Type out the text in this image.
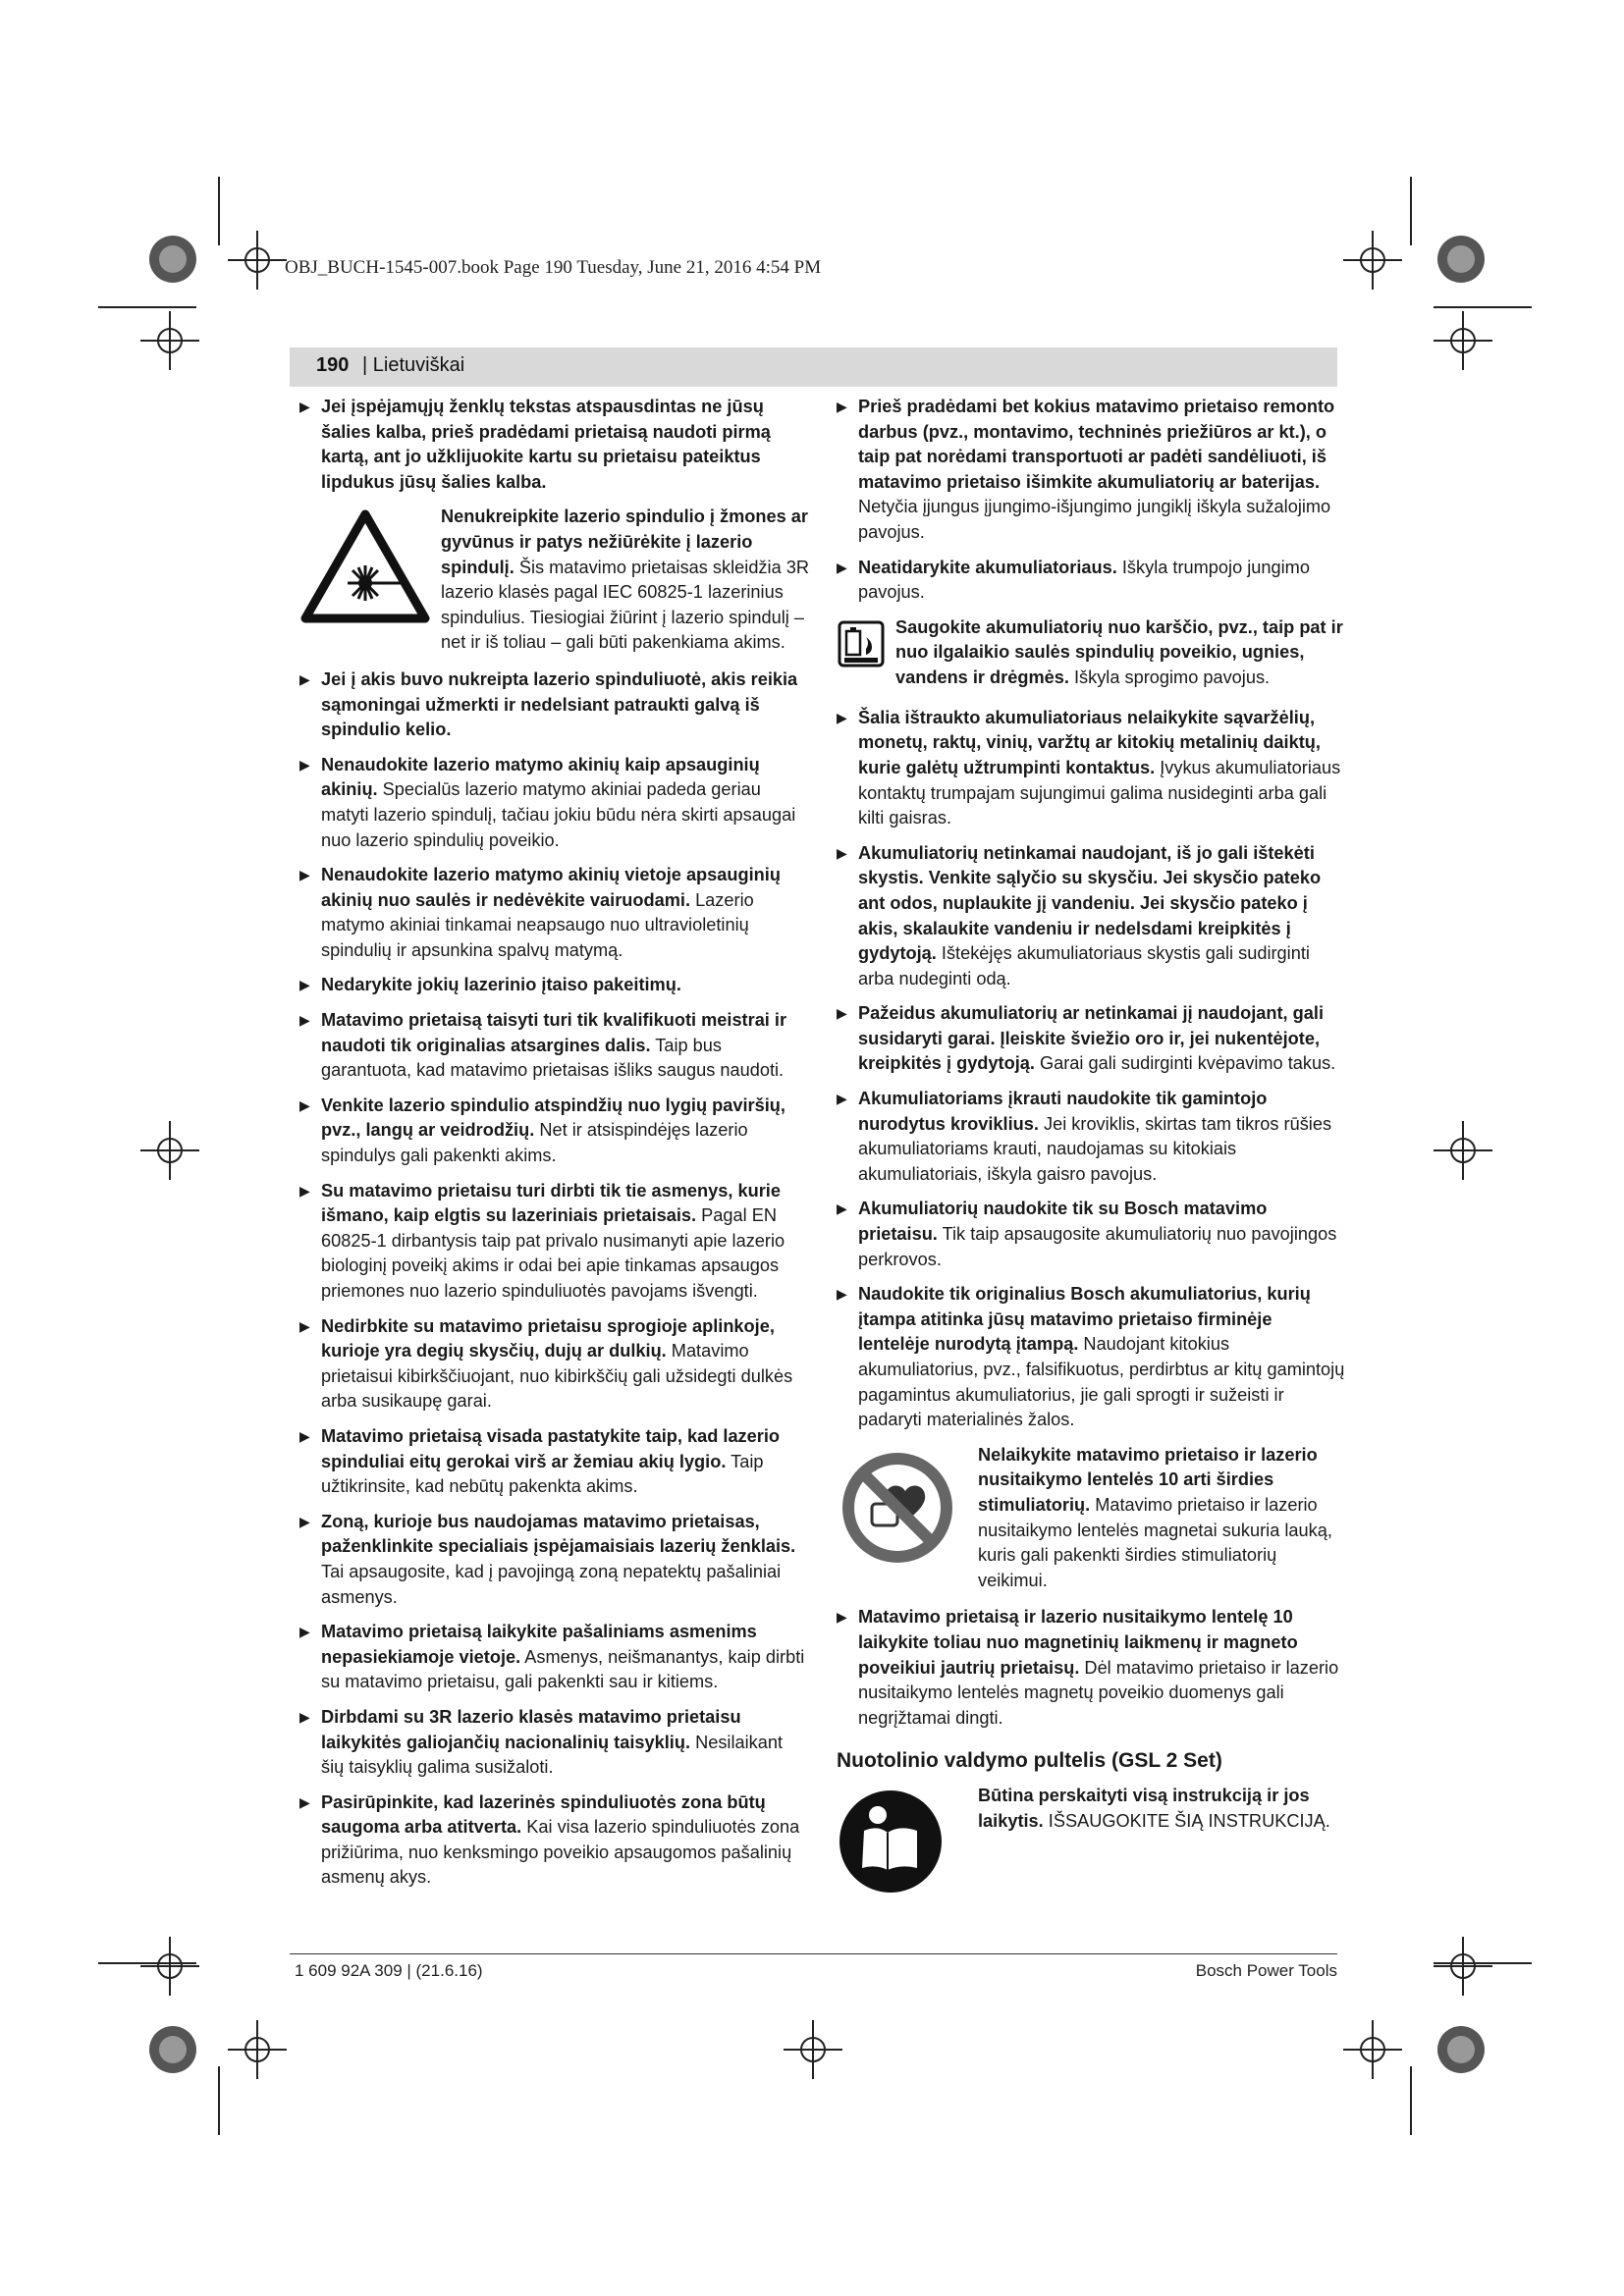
OBJ_BUCH-1545-007.book Page 190 Tuesday, June 21, 2016 4:54 PM
190 | Lietuviškai
▶ Jei įspėjamųjų ženklų tekstas atspausdintas ne jūsų šalies kalba, prieš pradėdami prietaisą naudoti pirmą kartą, ant jo užklijuokite kartu su prietaisu pateiktus lipdukus jūsų šalies kalba.
Nenukreipkite lazerio spindulio į žmones ar gyvūnus ir patys nežiūrėkite į lazerio spindulį. Šis matavimo prietaisas skleidžia 3R lazerio klasės pagal IEC 60825-1 lazerinius spindulius. Tiesiogiai žiūrint į lazerio spindulį – net ir iš toliau – gali būti pakenkiama akims.
▶ Jei į akis buvo nukreipta lazerio spinduliuotė, akis reikia sąmoningai užmerkti ir nedelsiant patraukti galvą iš spindulio kelio.
▶ Nenaudokite lazerio matymo akinių kaip apsauginių akinių. Specialūs lazerio matymo akiniai padeda geriau matyti lazerio spindulį, tačiau jokiu būdu nėra skirti apsaugai nuo lazerio spindulių poveikio.
▶ Nenaudokite lazerio matymo akinių vietoje apsauginių akinių nuo saulės ir nedėvėkite vairuodami. Lazerio matymo akiniai tinkamai neapsaugo nuo ultravioletinių spindulių ir apsunkina spalvų matymą.
▶ Nedarykite jokių lazerinio įtaiso pakeitimų.
▶ Matavimo prietaisą taisyti turi tik kvalifikuoti meistrai ir naudoti tik originalias atsargines dalis. Taip bus garantuota, kad matavimo prietaisas išliks saugus naudoti.
▶ Venkite lazerio spindulio atspindžių nuo lygių paviršių, pvz., langų ar veidrodžių. Net ir atsispindėjęs lazerio spindulys gali pakenkti akims.
▶ Su matavimo prietaisu turi dirbti tik tie asmenys, kurie išmano, kaip elgtis su lazeriniais prietaisais. Pagal EN 60825-1 dirbantysis taip pat privalo nusimanyti apie lazerio biologinį poveikį akims ir odai bei apie tinkamas apsaugos priemones nuo lazerio spinduliuotės pavojams išvengti.
▶ Nedirbkite su matavimo prietaisu sprogioje aplinkoje, kurioje yra degių skysčių, dujų ar dulkių. Matavimo prietaisui kibirkščiuojant, nuo kibirkščių gali užsidegti dulkės arba susikaupę garai.
▶ Matavimo prietaisą visada pastatykite taip, kad lazerio spinduliai eitų gerokai virš ar žemiau akių lygio. Taip užtikrinsite, kad nebūtų pakenkta akims.
▶ Zoną, kurioje bus naudojamas matavimo prietaisas, paženklinkite specialiais įspėjamaisiais lazerių ženklais. Tai apsaugosite, kad į pavojingą zoną nepatektų pašaliniai asmenys.
▶ Matavimo prietaisą laikykite pašaliniams asmenims nepasiekiamoje vietoje. Asmenys, neišmanantys, kaip dirbti su matavimo prietaisu, gali pakenkti sau ir kitiems.
▶ Dirbdami su 3R lazerio klasės matavimo prietaisu laikykitės galiojančių nacionalinių taisyklių. Nesilaikant šių taisyklių galima susižaloti.
▶ Pasirūpinkite, kad lazerinės spinduliuotės zona būtų saugoma arba atitverta. Kai visa lazerio spinduliuotės zona prižiūrima, nuo kenksmingo poveikio apsaugomos pašalinių asmenų akys.
▶ Prieš pradėdami bet kokius matavimo prietaiso remonto darbus (pvz., montavimo, techninės priežiūros ar kt.), o taip pat norėdami transportuoti ar padėti sandėliuoti, iš matavimo prietaiso išimkite akumuliatorių ar baterijas. Netyčia įjungus įjungimo-išjungimo jungiklį iškyla sužalojimo pavojus.
▶ Neatidarykite akumuliatoriaus. Iškyla trumpojo jungimo pavojus.
Saugokite akumuliatorių nuo karščio, pvz., taip pat ir nuo ilgalaikio saulės spindulių poveikio, ugnies, vandens ir drėgmės. Iškyla sprogimo pavojus.
▶ Šalia ištraukto akumuliatoriaus nelaikykite sąvaržėlių, monetų, raktų, vinių, varžtų ar kitokių metalinių daiktų, kurie galėtų užtrumpinti kontaktus. Įvykus akumuliatoriaus kontaktų trumpajam sujungimui galima nusideginti arba gali kilti gaisras.
▶ Akumuliatorių netinkamai naudojant, iš jo gali ištekėti skystis. Venkite sąlyčio su skysčiu. Jei skysčio pateko ant odos, nuplaukite jį vandeniu. Jei skysčio pateko į akis, skalaukite vandeniu ir nedelsdami kreipkitės į gydytoją. Ištekėjęs akumuliatoriaus skystis gali sudirginti arba nudeginti odą.
▶ Pažeidus akumuliatorių ar netinkamai jį naudojant, gali susidaryti garai. Įleiskite šviežio oro ir, jei nukentėjote, kreipkitės į gydytoją. Garai gali sudirginti kvėpavimo takus.
▶ Akumuliatoriams įkrauti naudokite tik gamintojo nurodytus kroviklius. Jei kroviklis, skirtas tam tikros rūšies akumuliatoriams krauti, naudojamas su kitokiais akumuliatoriais, iškyla gaisro pavojus.
▶ Akumuliatorių naudokite tik su Bosch matavimo prietaisu. Tik taip apsaugosite akumuliatorių nuo pavojingos perkrovos.
▶ Naudokite tik originalius Bosch akumuliatorius, kurių įtampa atitinka jūsų matavimo prietaiso firminėje lentelėje nurodytą įtampą. Naudojant kitokius akumuliatorius, pvz., falsifikuotus, perdirbtus ar kitų gamintojų pagamintus akumuliatorius, jie gali sprogti ir sužeisti ir padaryti materialinės žalos.
Nelaikykite matavimo prietaiso ir lazerio nusitaikymo lentelės 10 arti širdies stimuliatorių. Matavimo prietaiso ir lazerio nusitaikymo lentelės magnetai sukuria lauką, kuris gali pakenkti širdies stimuliatorių veikimui.
▶ Matavimo prietaisą ir lazerio nusitaikymo lentelę 10 laikykite toliau nuo magnetinių laikmenų ir magneto poveikiui jautrių prietaisų. Dėl matavimo prietaiso ir lazerio nusitaikymo lentelės magnetų poveikio duomenys gali negrįžtamai dingti.
Nuotolinio valdymo pultelis (GSL 2 Set)
Būtina perskaityti visą instrukciją ir jos laikytis. IŠSAUGOKITE ŠIĄ INSTRUKCIJĄ.
1 609 92A 309 | (21.6.16)	Bosch Power Tools
